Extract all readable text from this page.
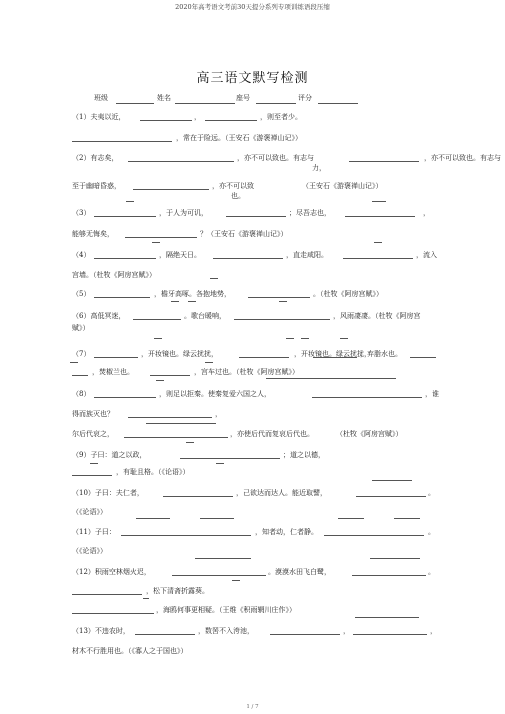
2020年高考语文考前30天提分系列专项训练语段压缩
高三语文默写检测
班级	姓名	座号	评分
（1）夫夷以近，	，	，则至者少。
，常在于险远。（王安石《游褒禅山记》）
（2）有志矣，	，亦不可以致也。有志与
力，
，亦不可以致也。有志与
至于幽暗昏惑，	，亦不可以致
也。
（王安石《游褒禅山记》）
（3）	，于人为可讥，	；尽吾志也，	，
能够无悔矣，	？（王安石《游褒禅山记》）
（4）	，隔绝天日。	，直走咸阳。	，流入
宫墙。（杜牧《阿房宫赋》）
（5）	，檐牙高啄。各抱地势，	。（杜牧《阿房宫赋》）
（6）高低冥迷，	。歌台暖响，	，风雨凄凄。（杜牧《阿房宫
赋》）
（7）	，开妆镜也。绿云扰扰，	，开妆镜也。绿云扰扰，
，弃脂水也。
，焚椒兰也。	，宫车过也。（杜牧《阿房宫赋》）
（8）	，则足以拒秦。使秦复爱六国之人，	，谁
得而族灭也？	，
尔后代哀之，	，亦使后代而复哀后代也。	（杜牧《阿房宫赋》）
（9）子曰：道之以政，	；道之以德，
，有耻且格。（《论语》）
（10）子曰：夫仁者，	，己欲达而达人。能近取譬，	。
（《论语》）
（11）子曰：	，知者动，仁者静。	。
（《论语》）
（12）积雨空林烟火迟，	。漠漠水田飞白鹭，	。
，松下清斋折露葵。
，海鸥何事更相疑。（王维《积雨辋川庄作》）
（13）不违农时，	，数罟不入洿池，	，	，
材木不行胜用也。（《寡人之于国也》）
1 / 7
